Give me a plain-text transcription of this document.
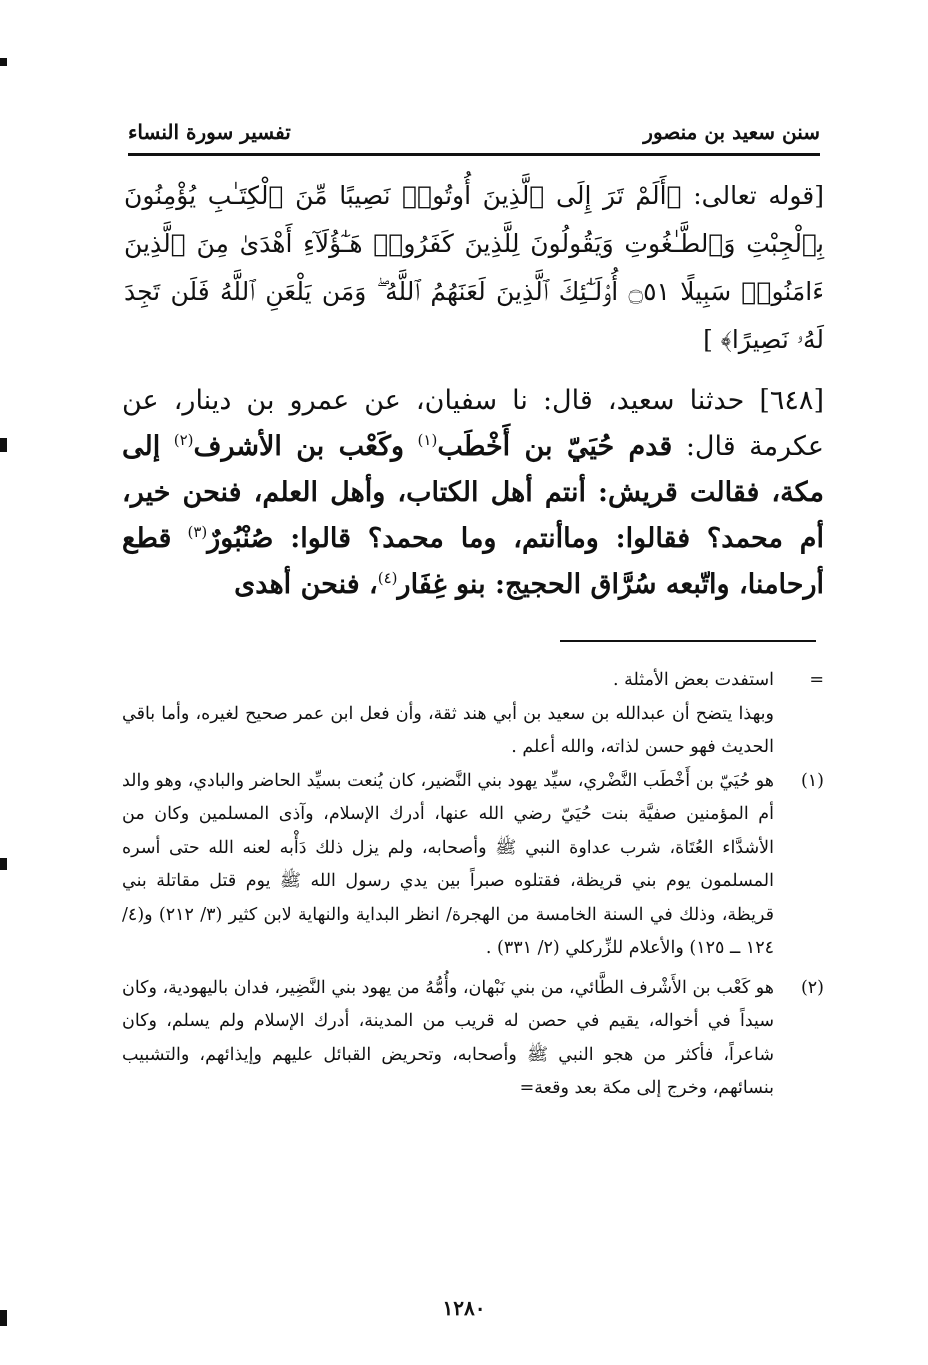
سنن سعيد بن منصور
تفسير سورة النساء
[قوله تعالى: ﴿أَلَمْ تَرَ إِلَى ٱلَّذِينَ أُوتُوا۟ نَصِيبًا مِّنَ ٱلْكِتَـٰبِ يُؤْمِنُونَ بِٱلْجِبْتِ وَٱلطَّـٰغُوتِ وَيَقُولُونَ لِلَّذِينَ كَفَرُوا۟ هَـٰٓؤُلَآءِ أَهْدَىٰ مِنَ ٱلَّذِينَ ءَامَنُوا۟ سَبِيلًا ۝٥١ أُو۟لَـٰٓئِكَ ٱلَّذِينَ لَعَنَهُمُ ٱللَّهُ ۖ وَمَن يَلْعَنِ ٱللَّهُ فَلَن تَجِدَ لَهُۥ نَصِيرًا﴾ ]
[٦٤٨] حدثنا سعيد، قال: نا سفيان، عن عمرو بن دينار، عن عكرمة قال: قدم حُيَيّ بن أَخْطَب$^{(١)}$ وكَعْب بن الأشرف$^{(٢)}$ إلى مكة، فقالت قريش: أنتم أهل الكتاب، وأهل العلم، فنحن خير، أم محمد؟ فقالوا: وماأنتم، وما محمد؟ قالوا: صُنْبُورٌ$^{(٣)}$ قطع أرحامنا، واتّبعه سُرَّاق الحجيج: بنو غِفَار$^{(٤)}$، فنحن أهدى
=
استفدت بعض الأمثلة .
وبهذا يتضح أن عبدالله بن سعيد بن أبي هند ثقة، وأن فعل ابن عمر صحيح لغيره، وأما باقي الحديث فهو حسن لذاته، والله أعلم .
(١)
هو حُيَيّ بن أَخْطَب النَّضْري، سيِّد يهود بني النَّضير، كان يُنعت بسيِّد الحاضر والبادي، وهو والد أم المؤمنين صفيَّة بنت حُيَيّ رضي الله عنها، أدرك الإسلام، وآذى المسلمين وكان من الأشدَّاء العُتَاة، شرب عداوة النبي ﷺ وأصحابه، ولم يزل ذلك دَأْبه لعنه الله حتى أسره المسلمون يوم بني قريظة، فقتلوه صبراً بين يدي رسول الله ﷺ يوم قتل مقاتلة بني قريظة، وذلك في السنة الخامسة من الهجرة/ انظر البداية والنهاية لابن كثير (٣/ ٢١٢) و(٤/ ١٢٤ ــ ١٢٥) والأعلام للزِّركلي (٢/ ٣٣١) .
(٢)
هو كَعْب بن الأَشْرف الطَّائي، من بني نَبْهان، وأُمُّهُ من يهود بني النَّضِير، فدان باليهودية، وكان سيداً في أخواله، يقيم في حصن له قريب من المدينة، أدرك الإسلام ولم يسلم، وكان شاعراً، فأكثر من هجو النبي ﷺ وأصحابه، وتحريض القبائل عليهم وإيذائهم، والتشبيب بنسائهم، وخرج إلى مكة بعد وقعة=
١٢٨٠
